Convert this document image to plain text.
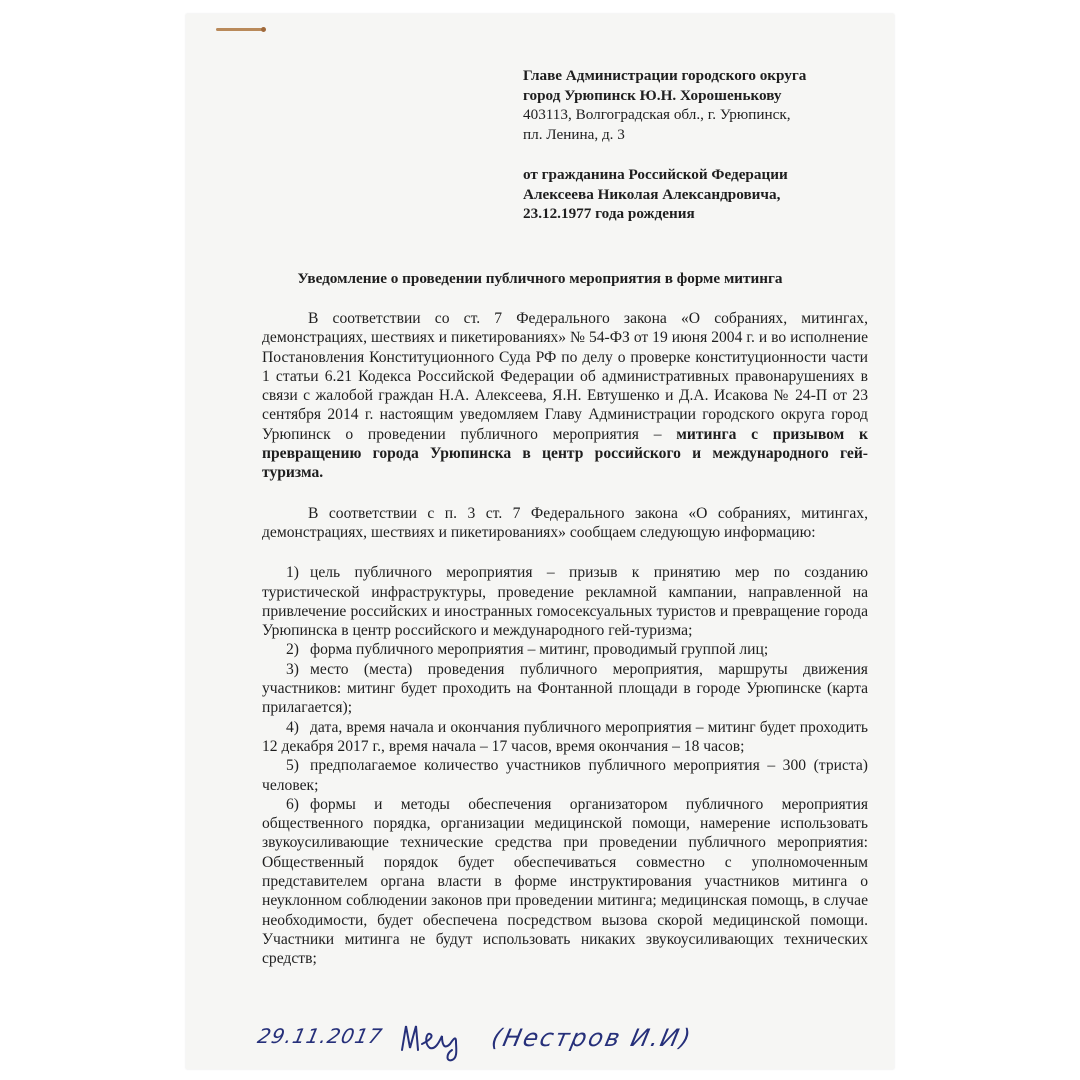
Главе Администрации городского округа
город Урюпинск Ю.Н. Хорошенькову
403113, Волгоградская обл., г. Урюпинск,
пл. Ленина, д. 3
от гражданина Российской Федерации
Алексеева Николая Александровича,
23.12.1977 года рождения
Уведомление о проведении публичного мероприятия в форме митинга

В соответствии со ст. 7 Федерального закона «О собраниях, митингах, демонстрациях, шествиях и пикетированиях» № 54-ФЗ от 19 июня 2004 г. и во исполнение Постановления Конституционного Суда РФ по делу о проверке конституционности части 1 статьи 6.21 Кодекса Российской Федерации об административных правонарушениях в связи с жалобой граждан Н.А. Алексеева, Я.Н. Евтушенко и Д.А. Исакова № 24-П от 23 сентября 2014 г. настоящим уведомляем Главу Администрации городского округа город Урюпинск о проведении публичного мероприятия – митинга с призывом к превращению города Урюпинска в центр российского и международного гей-туризма.

В соответствии с п. 3 ст. 7 Федерального закона «О собраниях, митингах, демонстрациях, шествиях и пикетированиях» сообщаем следующую информацию:

1) цель публичного мероприятия – призыв к принятию мер по созданию туристической инфраструктуры, проведение рекламной кампании, направленной на привлечение российских и иностранных гомосексуальных туристов и превращение города Урюпинска в центр российского и международного гей-туризма;

2) форма публичного мероприятия – митинг, проводимый группой лиц;

3) место (места) проведения публичного мероприятия, маршруты движения участников: митинг будет проходить на Фонтанной площади в городе Урюпинске (карта прилагается);

4) дата, время начала и окончания публичного мероприятия – митинг будет проходить 12 декабря 2017 г., время начала – 17 часов, время окончания – 18 часов;

5) предполагаемое количество участников публичного мероприятия – 300 (триста) человек;

6) формы и методы обеспечения организатором публичного мероприятия общественного порядка, организации медицинской помощи, намерение использовать звукоусиливающие технические средства при проведении публичного мероприятия: Общественный порядок будет обеспечиваться совместно с уполномоченным представителем органа власти в форме инструктирования участников митинга о неуклонном соблюдении законов при проведении митинга; медицинская помощь, в случае необходимости, будет обеспечена посредством вызова скорой медицинской помощи. Участники митинга не будут использовать никаких звукоусиливающих технических средств;

29.11.2017	(Нестров И.И)
